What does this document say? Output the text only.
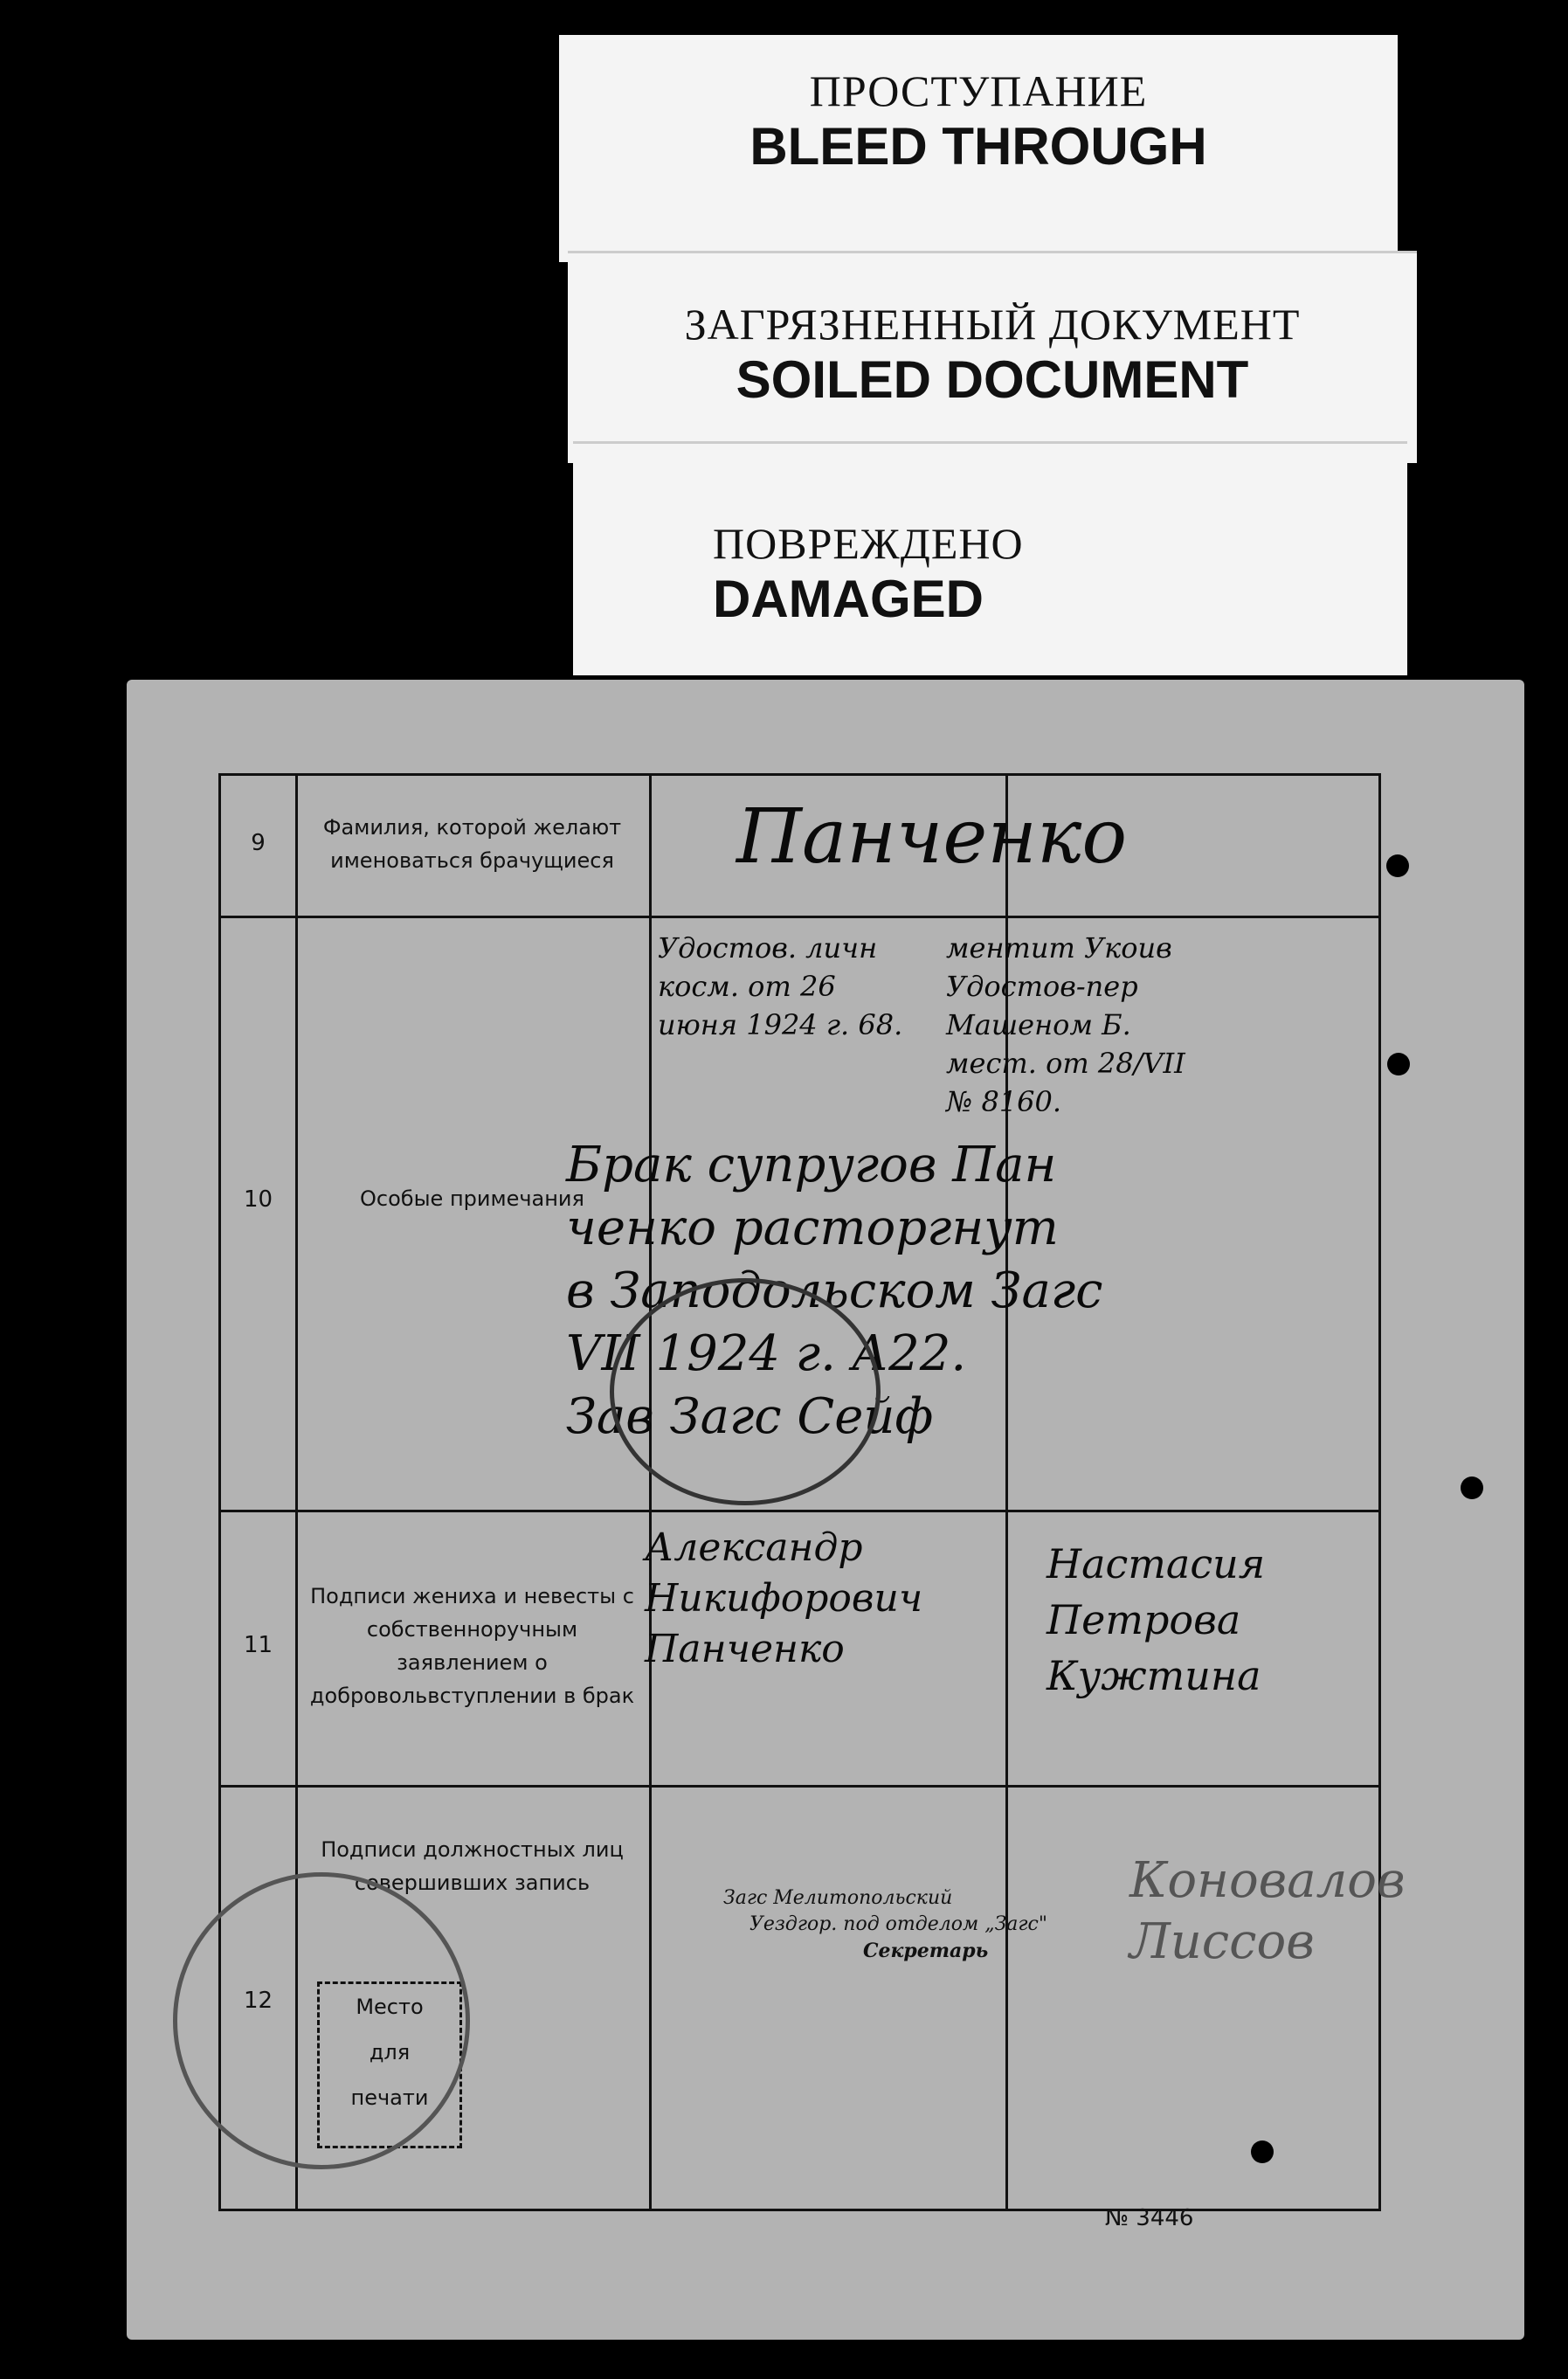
ПРОСТУПАНИЕ
BLEED THROUGH
ЗАГРЯЗНЕННЫЙ ДОКУМЕНТ
SOILED DOCUMENT
ПОВРЕЖДЕНО
DAMAGED
9
Фамилия, которой желают именоваться брачущиеся
10	Особые примечания
11
Подписи жениха и невесты с собственноручным заявлением о добровольвступлении в брак
12
Подписи должностных лиц совершивших запись
Место
для
печати
Панченко
Удостов. личн
косм. от 26
июня 1924 г. 68.
ментит Укоив
Удостов-пер
Машеном Б.
мест. от 28/VII
№ 8160.
Брак супругов Пан
ченко расторгнут
в Заподольском Загс
VII 1924 г. А22.
Зав Загс Сейф
Александр
Никифорович
Панченко
Настасия
Петрова
Кужтина
Загс Мелитопольский
Уездгор. под отделом „Загс"
Секретарь
Коновалов
Лиссов
№ 3446
